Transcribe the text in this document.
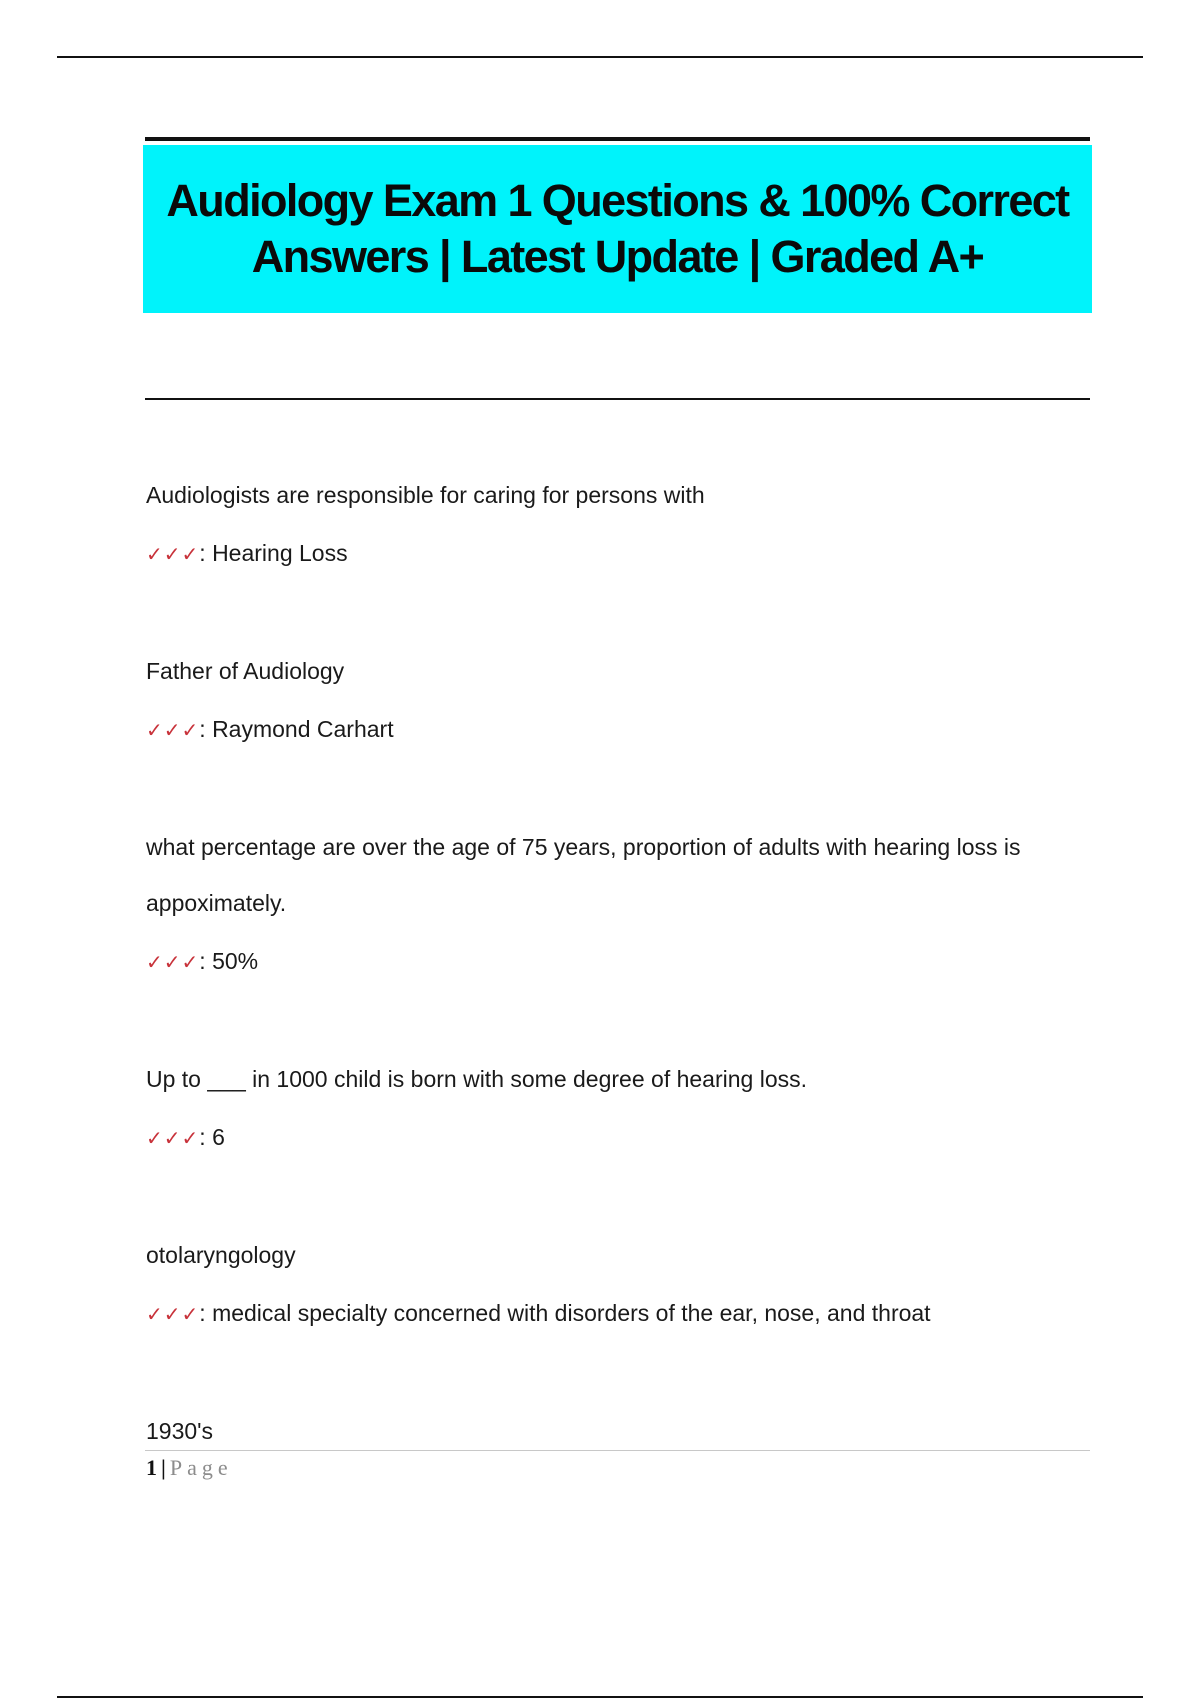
Audiology Exam 1 Questions & 100% Correct Answers | Latest Update | Graded A+
Audiologists are responsible for caring for persons with
✓✓✓: Hearing Loss
Father of Audiology
✓✓✓: Raymond Carhart
what percentage are over the age of 75 years, proportion of adults with hearing loss is appoximately.
✓✓✓: 50%
Up to ___ in 1000 child is born with some degree of hearing loss.
✓✓✓: 6
otolaryngology
✓✓✓: medical specialty concerned with disorders of the ear, nose, and throat
1930's
1 | Page
